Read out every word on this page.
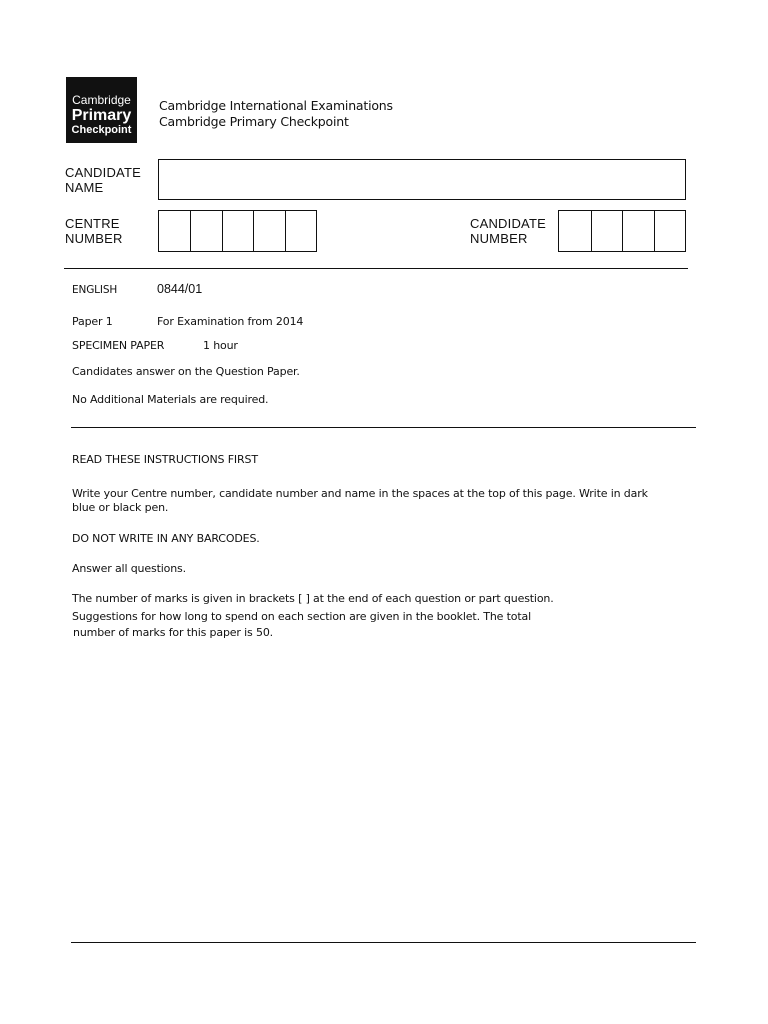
Cambridge
Primary
Checkpoint
Cambridge International Examinations
Cambridge Primary Checkpoint
CANDIDATE
NAME
CENTRE
NUMBER
CANDIDATE
NUMBER
ENGLISH	0844/01
Paper 1	For Examination from 2014
SPECIMEN PAPER	1 hour
Candidates answer on the Question Paper.
No Additional Materials are required.
READ THESE INSTRUCTIONS FIRST
Write your Centre number, candidate number and name in the spaces at the top of this page. Write in dark
blue or black pen.
DO NOT WRITE IN ANY BARCODES.
Answer all questions.
The number of marks is given in brackets [ ] at the end of each question or part question.
Suggestions for how long to spend on each section are given in the booklet. The total
number of marks for this paper is 50.
